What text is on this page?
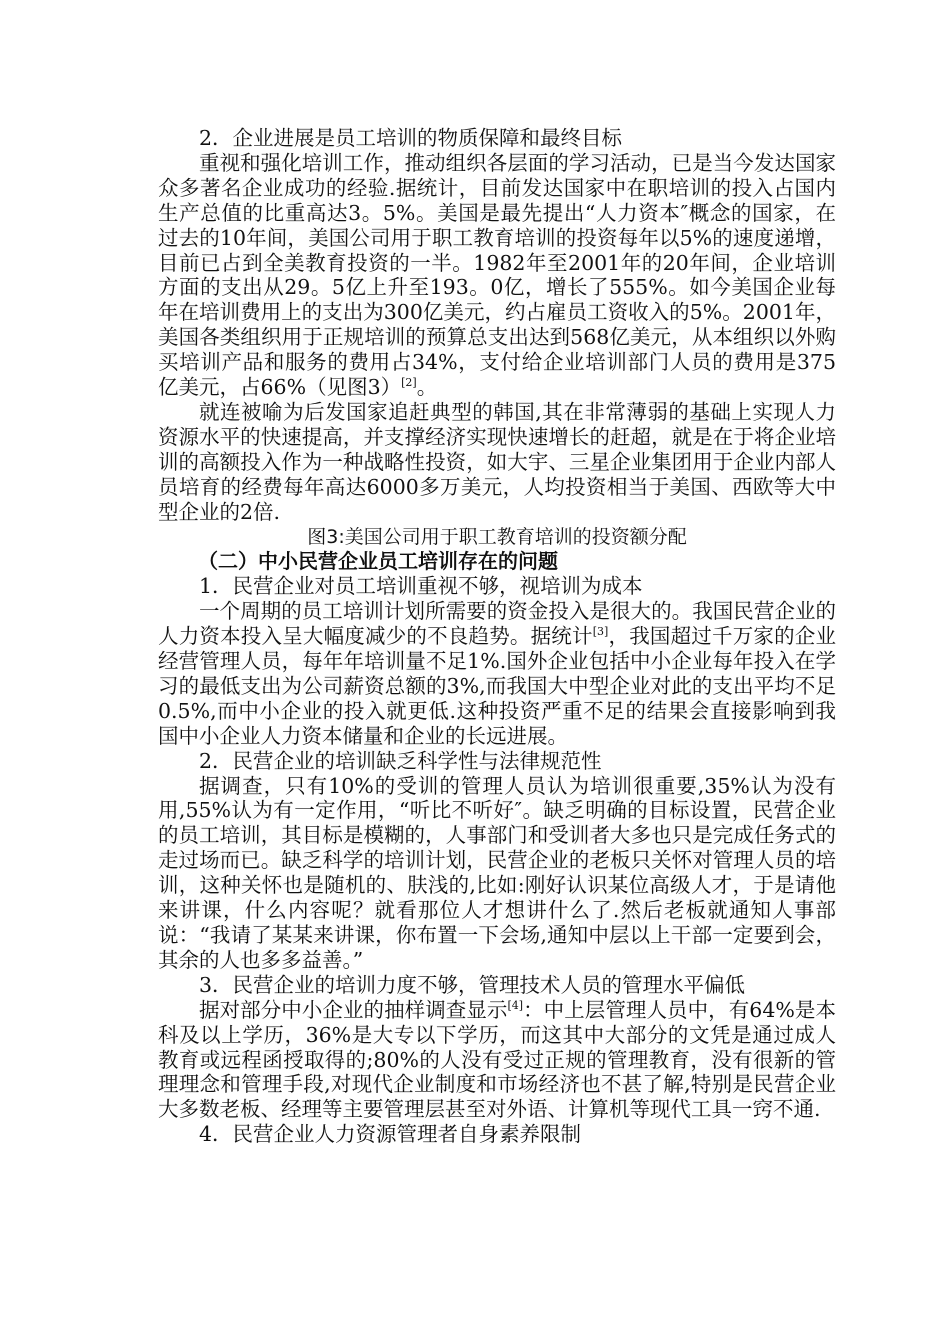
2．企业进展是员工培训的物质保障和最终目标

重视和强化培训工作，推动组织各层面的学习活动，已是当今发达国家众多著名企业成功的经验.据统计，目前发达国家中在职培训的投入占国内生产总值的比重高达3。5%。美国是最先提出“人力资本″概念的国家，在过去的10年间，美国公司用于职工教育培训的投资每年以5%的速度递增，目前已占到全美教育投资的一半。1982年至2001年的20年间，企业培训方面的支出从29。5亿上升至193。0亿，增长了555%。如今美国企业每年在培训费用上的支出为300亿美元，约占雇员工资收入的5%。2001年，美国各类组织用于正规培训的预算总支出达到568亿美元，从本组织以外购买培训产品和服务的费用占34%，支付给企业培训部门人员的费用是375亿美元，占66%（见图3）[2]。

就连被喻为后发国家追赶典型的韩国,其在非常薄弱的基础上实现人力资源水平的快速提高，并支撑经济实现快速增长的赶超，就是在于将企业培训的高额投入作为一种战略性投资，如大宇、三星企业集团用于企业内部人员培育的经费每年高达6000多万美元，人均投资相当于美国、西欧等大中型企业的2倍.

图3:美国公司用于职工教育培训的投资额分配

（二）中小民营企业员工培训存在的问题

1．民营企业对员工培训重视不够，视培训为成本

一个周期的员工培训计划所需要的资金投入是很大的。我国民营企业的人力资本投入呈大幅度减少的不良趋势。据统计[3]，我国超过千万家的企业经营管理人员，每年年培训量不足1%.国外企业包括中小企业每年投入在学习的最低支出为公司薪资总额的3%,而我国大中型企业对此的支出平均不足0.5%,而中小企业的投入就更低.这种投资严重不足的结果会直接影响到我国中小企业人力资本储量和企业的长远进展。

2．民营企业的培训缺乏科学性与法律规范性

据调查，只有10%的受训的管理人员认为培训很重要,35%认为没有用,55%认为有一定作用，“听比不听好″。缺乏明确的目标设置，民营企业的员工培训，其目标是模糊的，人事部门和受训者大多也只是完成任务式的走过场而已。缺乏科学的培训计划，民营企业的老板只关怀对管理人员的培训，这种关怀也是随机的、肤浅的,比如:刚好认识某位高级人才，于是请他来讲课，什么内容呢？就看那位人才想讲什么了.然后老板就通知人事部说：“我请了某某来讲课，你布置一下会场,通知中层以上干部一定要到会，其余的人也多多益善。”

3．民营企业的培训力度不够，管理技术人员的管理水平偏低

据对部分中小企业的抽样调查显示[4]：中上层管理人员中，有64%是本科及以上学历，36%是大专以下学历，而这其中大部分的文凭是通过成人教育或远程函授取得的;80%的人没有受过正规的管理教育，没有很新的管理理念和管理手段,对现代企业制度和市场经济也不甚了解,特别是民营企业大多数老板、经理等主要管理层甚至对外语、计算机等现代工具一窍不通.

4．民营企业人力资源管理者自身素养限制
